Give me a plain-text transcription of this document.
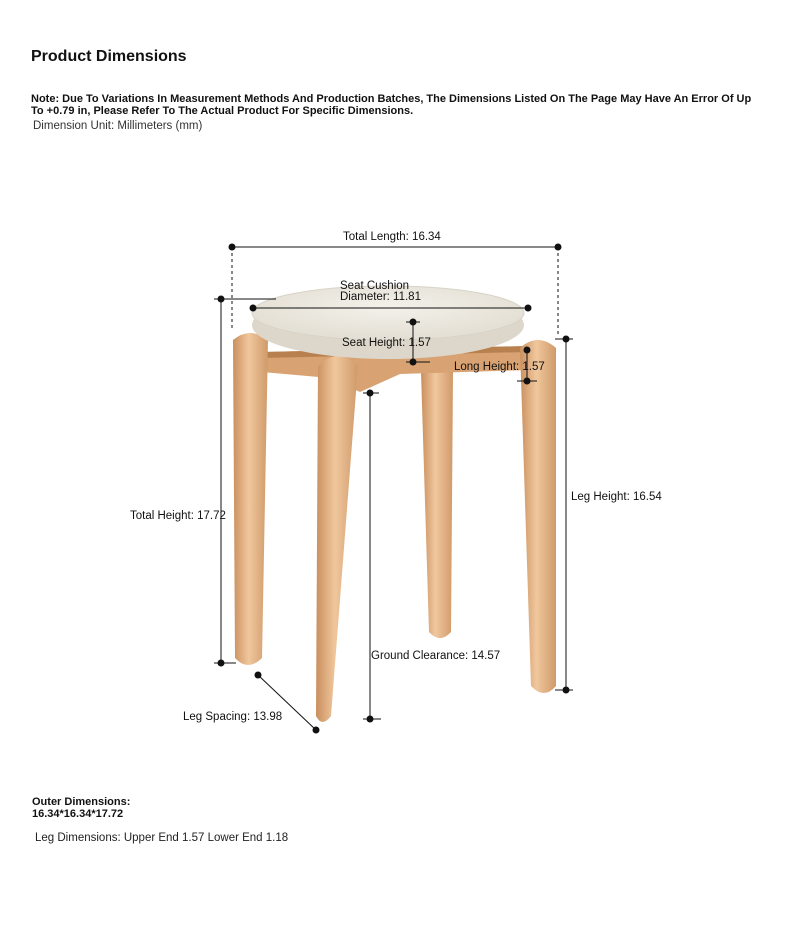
Product Dimensions
Note: Due To Variations In Measurement Methods And Production Batches, The Dimensions Listed On The Page May Have An Error Of Up To +0.79 in, Please Refer To The Actual Product For Specific Dimensions.
Dimension Unit: Millimeters (mm)
Total Length: 16.34
Seat Cushion
Diameter: 11.81
Seat Height: 1.57
Long Height: 1.57
Total Height: 17.72
Leg Height: 16.54
Ground Clearance: 14.57
Leg Spacing: 13.98
Outer Dimensions:
16.34*16.34*17.72
Leg Dimensions: Upper End 1.57 Lower End 1.18
